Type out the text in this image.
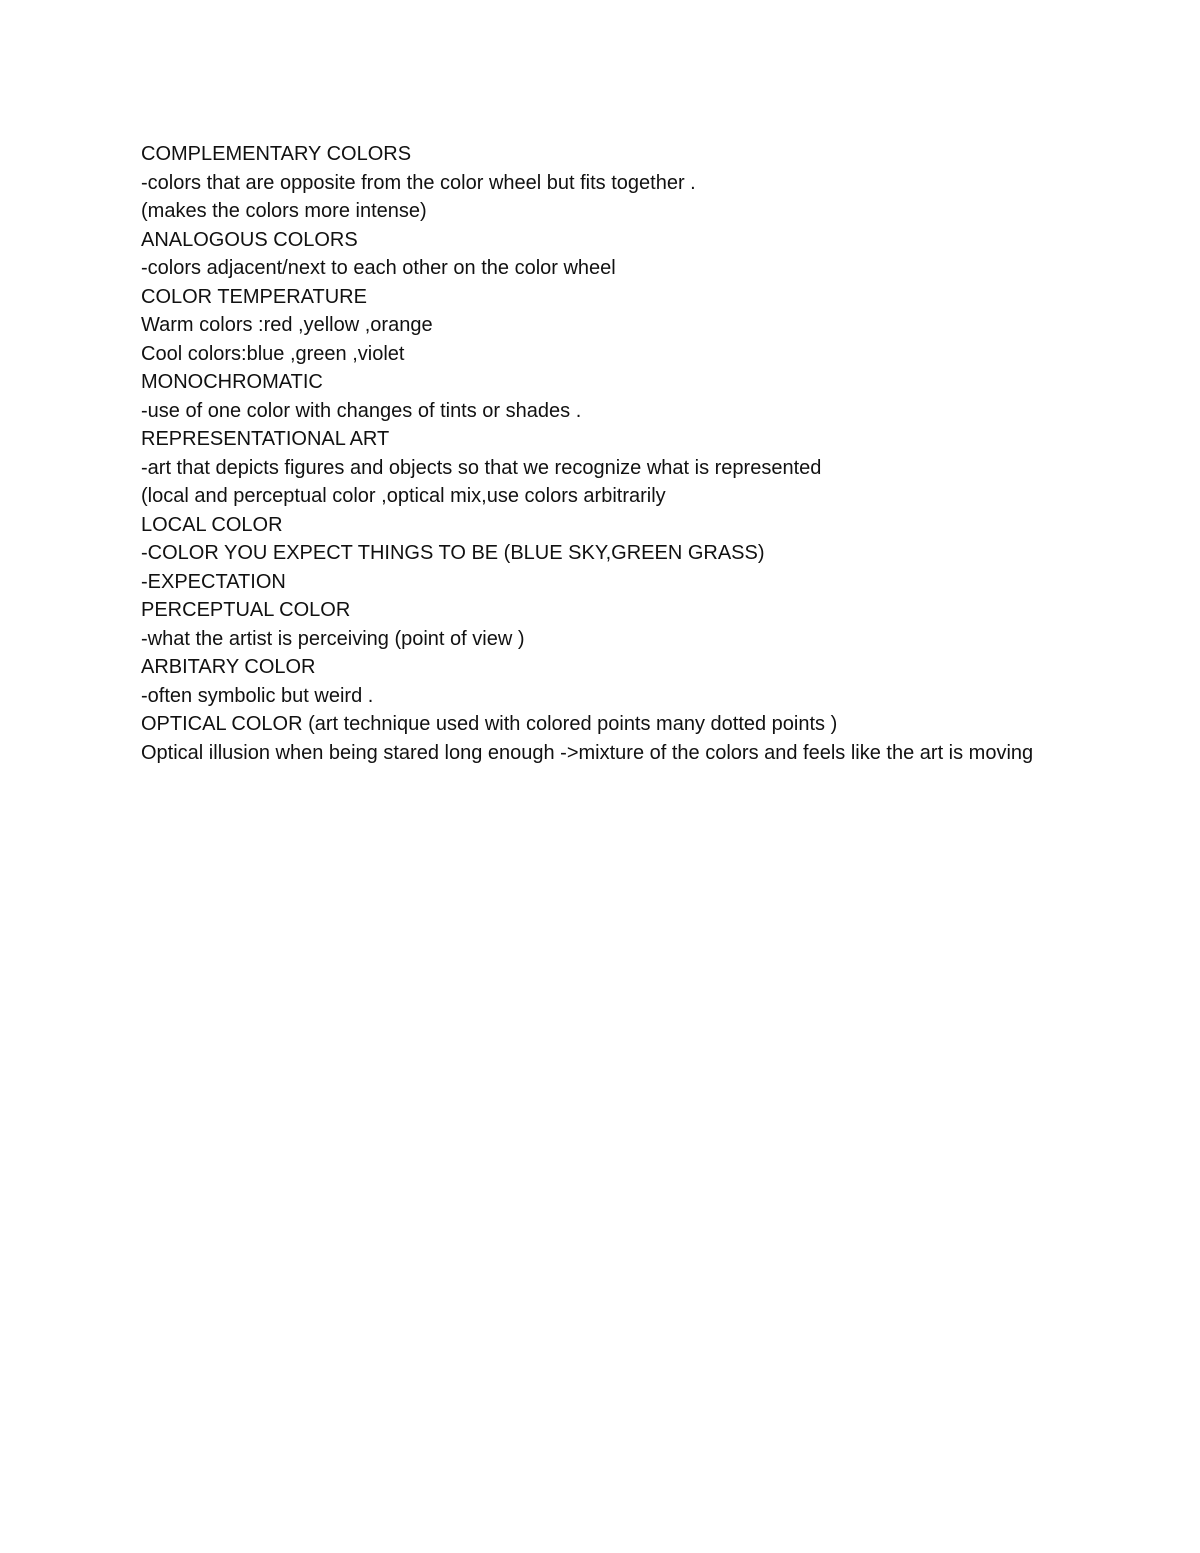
COMPLEMENTARY COLORS

-colors that are opposite from the color wheel but fits together .

(makes the colors more intense)

ANALOGOUS COLORS

-colors adjacent/next to each other on the color wheel

COLOR TEMPERATURE

Warm colors :red ,yellow ,orange

Cool colors:blue ,green ,violet

MONOCHROMATIC

-use of one color with changes of tints or shades .

REPRESENTATIONAL ART

-art that depicts figures and objects so that we recognize what is represented

(local and perceptual color ,optical mix,use colors arbitrarily

LOCAL COLOR

-COLOR YOU EXPECT THINGS TO BE (BLUE SKY,GREEN GRASS)

-EXPECTATION

PERCEPTUAL COLOR

-what the artist is perceiving (point of view )

ARBITARY COLOR

-often symbolic but weird .

OPTICAL COLOR (art technique used with colored points many dotted points )

Optical illusion when being stared long enough ->mixture of the colors and feels like the art is moving
